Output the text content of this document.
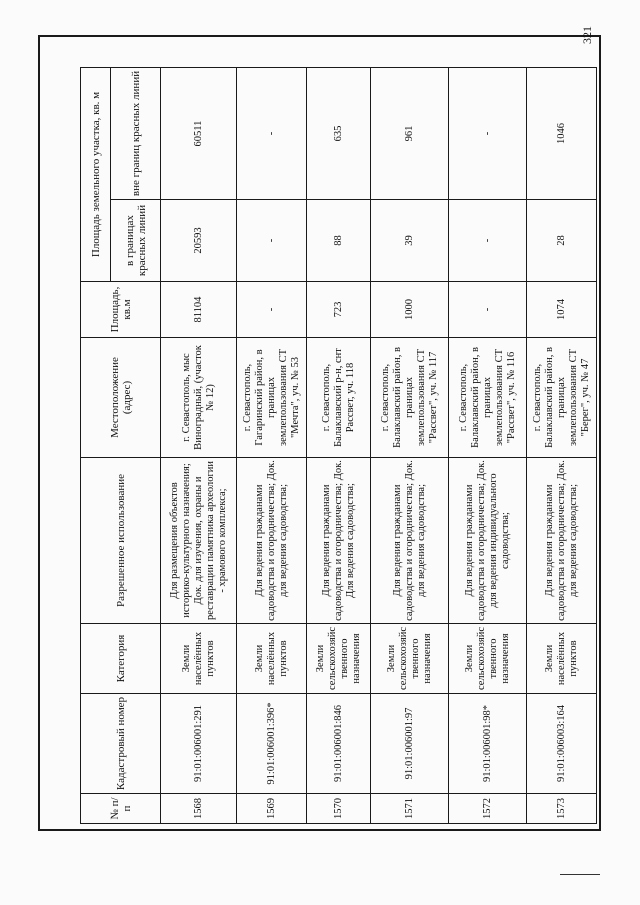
321
№ п/п	Кадастровый номер	Категория	Разрешенное использование	Местоположение (адрес)	Площадь, кв.м	Площадь земельного участка, кв. м	
						в границах красных линий	вне границ красных линий
1568	91:01:006001:291	Земли населённых пунктов	Для размещения объектов историко-культурного назначения; Док. для изучения, охраны и реставрации памятника археологии - храмового комплекса;	г. Севастополь, мыс Виноградный, (участок № 12)	81104	20593	60511
1569	91:01:006001:396*	Земли населённых пунктов	Для ведения гражданами садоводства и огородничества; Док. для ведения садоводства;	г. Севастополь, Гагаринский район, в границах землепользования СТ "Мечта", уч. № 53	-	-	-
1570	91:01:006001:846	Земли сельскохозяйственного назначения	Для ведения гражданами садоводства и огородничества; Док. Для ведения садоводства;	г. Севастополь, Балаклавский р-н, снт Рассвет, уч. 118	723	88	635
1571	91:01:006001:97	Земли сельскохозяйственного назначения	Для ведения гражданами садоводства и огородничества; Док. для ведения садоводства;	г. Севастополь, Балаклавский район, в границах землепользования СТ "Рассвет", уч. № 117	1000	39	961
1572	91:01:006001:98*	Земли сельскохозяйственного назначения	Для ведения гражданами садоводства и огородничества; Док. для ведения индивидуального садоводства;	г. Севастополь, Балаклавский район, в границах землепользования СТ "Рассвет", уч. № 116	-	-	-
1573	91:01:006003:164	Земли населённых пунктов	Для ведения гражданами садоводства и огородничества; Док. для ведения садоводства;	г. Севастополь, Балаклавский район, в границах землепользования СТ "Берег", уч. № 47	1074	28	1046
